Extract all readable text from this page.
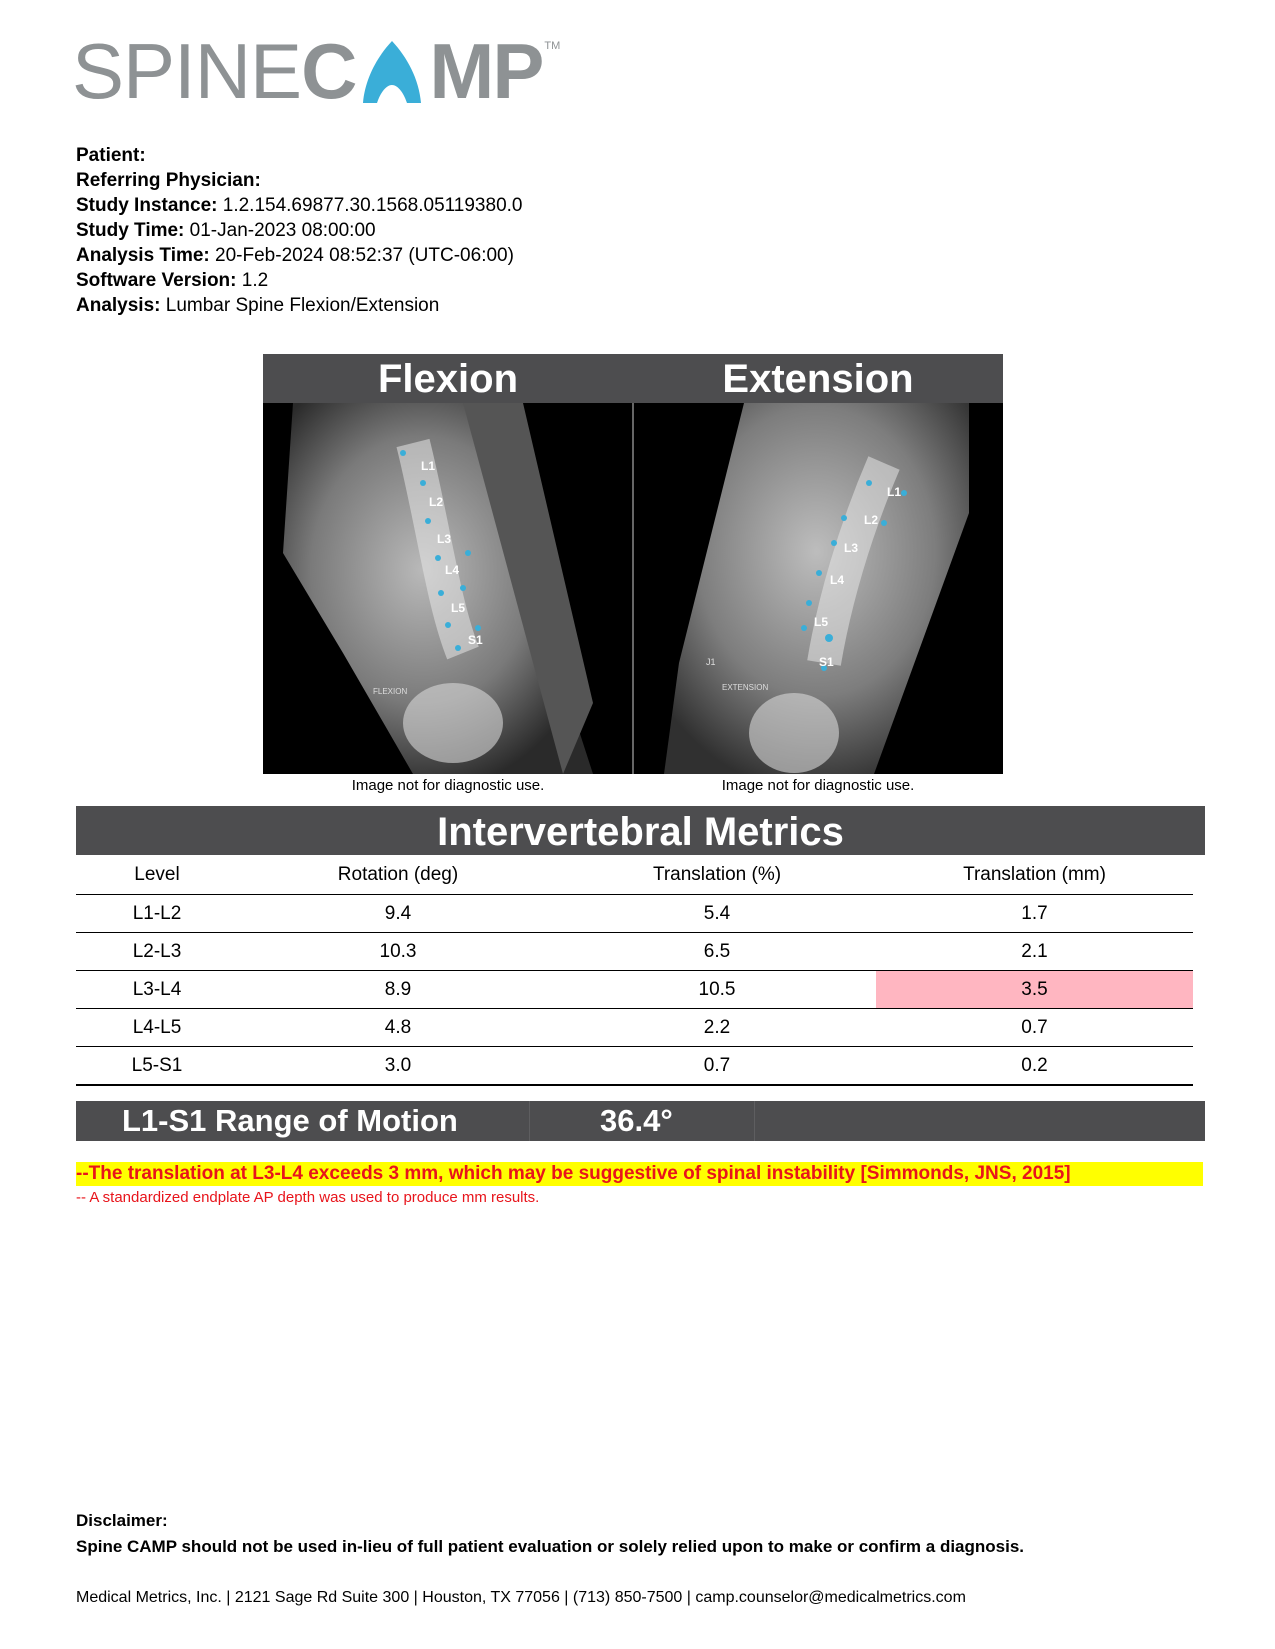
SPINE C MP TM
Patient:
Referring Physician:
Study Instance: 1.2.154.69877.30.1568.05119380.0
Study Time: 01-Jan-2023 08:00:00
Analysis Time: 20-Feb-2024 08:52:37 (UTC-06:00)
Software Version: 1.2
Analysis: Lumbar Spine Flexion/Extension
Flexion	Extension
L1
L2
L3
L4
L5
S1
FLEXION
L1
L2
L3
L4
L5
S1
EXTENSION
J1
Image not for diagnostic use.	Image not for diagnostic use.
Intervertebral Metrics
Level	Rotation (deg)	Translation (%)	Translation (mm)
L1-L2	9.4	5.4	1.7
L2-L3	10.3	6.5	2.1
L3-L4	8.9	10.5	3.5
L4-L5	4.8	2.2	0.7
L5-S1	3.0	0.7	0.2
L1-S1 Range of Motion	36.4°
--The translation at L3-L4 exceeds 3 mm, which may be suggestive of spinal instability [Simmonds, JNS, 2015]
-- A standardized endplate AP depth was used to produce mm results.
Disclaimer:
Spine CAMP should not be used in-lieu of full patient evaluation or solely relied upon to make or confirm a diagnosis.
Medical Metrics, Inc. | 2121 Sage Rd Suite 300 | Houston, TX 77056 | (713) 850-7500 | camp.counselor@medicalmetrics.com
